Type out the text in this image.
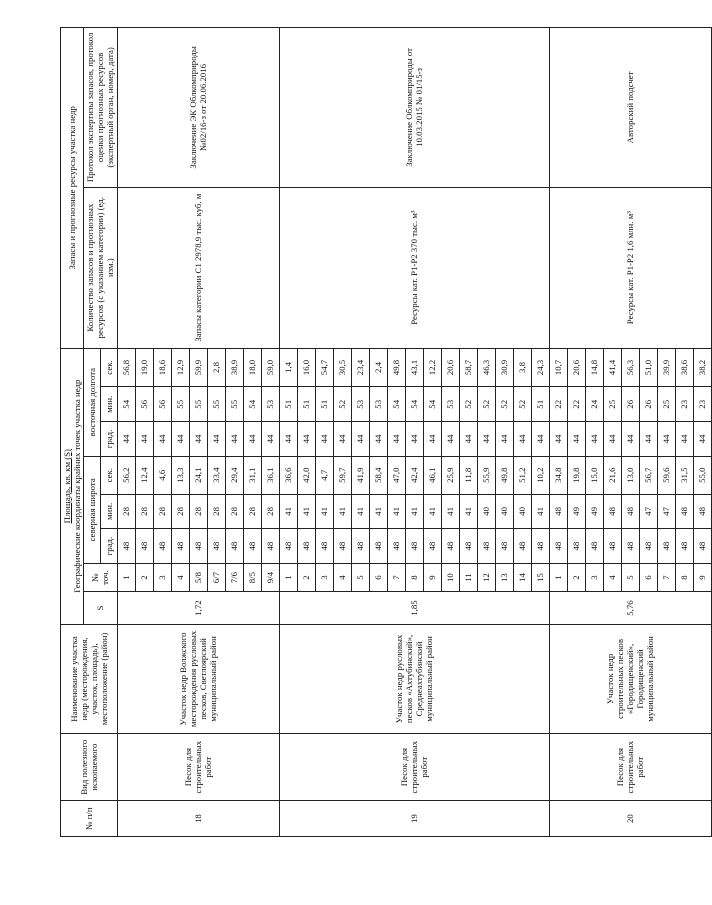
№ п/п	Вид полезного ископаемого	Наименование участка недр (месторождения, участок, площадь), местоположение (район)	Площадь, кв. км (S)
Географические координаты крайних точек участка недр								Запасы и прогнозные ресурсы участка недр	
			S	№ точ.	северная широта			восточная долгота			Количество запасов и прогнозных ресурсов (с указанием категории) (ед. изм.)	Протокол экспертизы запасов, протокол оценки прогнозных ресурсов (экспертный орган, номер, дата)
					град.	мин.	сек.	град.	мин.	сек.		
18	Песок для строительных работ	Участок недр Волжского месторождения русловых песков, Светлоярский муниципальный район	1,72	1	48	28	56,2	44	54	56,8	Запасы категории С1 2978,9 тыс. куб. м	Заключение ЭК Облкомприроды №02/16-з от 20.06.2016
				2	48	28	12,4	44	56	19,0		
				3	48	28	4,6	44	56	18,6		
				4	48	28	13,3	44	55	12,9		
				5/8	48	28	24,1	44	55	59,9		
				6/7	48	28	33,4	44	55	2,8		
				7/6	48	28	29,4	44	55	38,9		
				8/5	48	28	31,1	44	54	18,0		
				9/4	48	28	36,1	44	53	59,0		
19	Песок для строительных работ	Участок недр русловых песков «Ахтубинский», Среднеахтубинский муниципальный район	1,85	1	48	41	36,6	44	51	1,4	Ресурсы кат. Р1-Р2 370 тыс. м³	Заключение Облкомприроды от 10.03.2015 № 01/15-з
				2	48	41	42,0	44	51	16,0		
				3	48	41	4,7	44	51	54,7		
				4	48	41	59,7	44	52	30,5		
				5	48	41	41,9	44	53	23,4		
				6	48	41	58,4	44	53	2,4		
				7	48	41	47,0	44	54	49,8		
				8	48	41	42,4	44	54	43,1		
				9	48	41	46,1	44	54	12,2		
				10	48	41	25,9	44	53	20,6		
				11	48	41	11,8	44	52	58,7		
				12	48	40	55,9	44	52	46,3		
				13	48	40	49,8	44	52	30,9		
				14	48	40	51,2	44	52	3,8		
				15	48	41	10,2	44	51	24,3		
20	Песок для строительных работ	Участок недр строительных песков «Городищенский», Городищенский муниципальный район	5,76	1	48	48	34,8	44	22	10,7	Ресурсы кат. Р1-Р2 1,6 млн. м³	Авторский подсчет
				2	48	49	19,8	44	22	20,6		
				3	48	49	15,0	44	24	14,8		
				4	48	48	21,6	44	25	41,4		
				5	48	48	13,0	44	26	56,3		
				6	48	47	56,7	44	26	51,0		
				7	48	47	59,6	44	25	39,9		
				8	48	48	31,5	44	23	38,6		
				9	48	48	55,0	44	23	38,2		
